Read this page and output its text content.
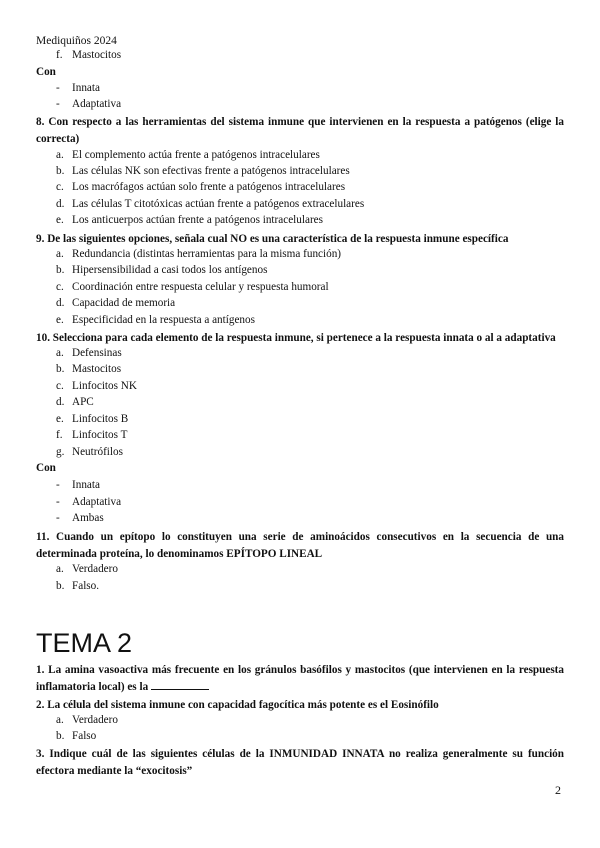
Mediquiños 2024
f. Mastocitos
Con
- Innata
- Adaptativa
8. Con respecto a las herramientas del sistema inmune que intervienen en la respuesta a patógenos (elige la correcta)
a. El complemento actúa frente a patógenos intracelulares
b. Las células NK son efectivas frente a patógenos intracelulares
c. Los macrófagos actúan solo frente a patógenos intracelulares
d. Las células T citotóxicas actúan frente a patógenos extracelulares
e. Los anticuerpos actúan frente a patógenos intracelulares
9. De las siguientes opciones, señala cual NO es una característica de la respuesta inmune específica
a. Redundancia (distintas herramientas para la misma función)
b. Hipersensibilidad a casi todos los antígenos
c. Coordinación entre respuesta celular y respuesta humoral
d. Capacidad de memoria
e. Especificidad en la respuesta a antígenos
10. Selecciona para cada elemento de la respuesta inmune, si pertenece a la respuesta innata o al a adaptativa
a. Defensinas
b. Mastocitos
c. Linfocitos NK
d. APC
e. Linfocitos B
f. Linfocitos T
g. Neutrófilos
Con
- Innata
- Adaptativa
- Ambas
11. Cuando un epítopo lo constituyen una serie de aminoácidos consecutivos en la secuencia de una determinada proteína, lo denominamos EPÍTOPO LINEAL
a. Verdadero
b. Falso.
TEMA 2
1. La amina vasoactiva más frecuente en los gránulos basófilos y mastocitos (que intervienen en la respuesta inflamatoria local) es la
2. La célula del sistema inmune con capacidad fagocítica más potente es el Eosinófilo
a. Verdadero
b. Falso
3. Indique cuál de las siguientes células de la INMUNIDAD INNATA no realiza generalmente su función efectora mediante la “exocitosis”
2
